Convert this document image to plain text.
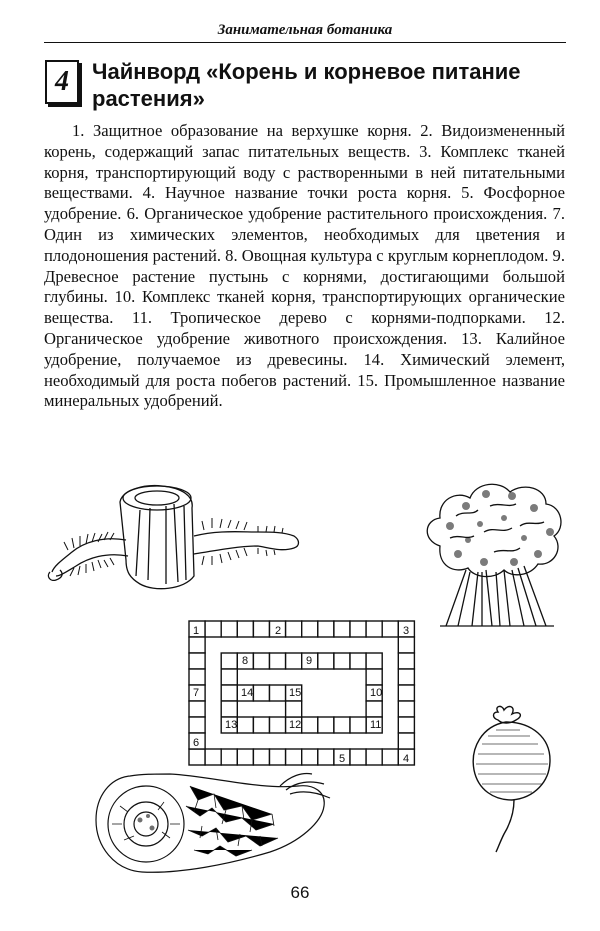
Занимательная ботаника
4	Чайнворд «Корень и корневое питание растения»

1. Защитное образование на верхушке корня. 2. Видоизмененный корень, содержащий запас питательных веществ. 3. Комплекс тканей корня, транспортирующий воду с растворенными в ней питательными веществами. 4. Научное название точки роста корня. 5. Фосфорное удобрение. 6. Органическое удобрение растительного происхождения. 7. Один из химических элементов, необходимых для цветения и плодоношения растений. 8. Овощная культура с круглым корнеплодом. 9. Древесное растение пустынь с корнями, достигающими большой глубины. 10. Комплекс тканей корня, транспортирующих органические вещества. 11. Тропическое дерево с корнями-подпорками. 12. Органическое удобрение животного происхождения. 13. Калийное удобрение, получаемое из древесины. 14. Химический элемент, необходимый для роста побегов растений. 15. Промышленное название минеральных удобрений.

1	2	3
8	9
7	14	15	10
13	12	11
6
5	4
66
